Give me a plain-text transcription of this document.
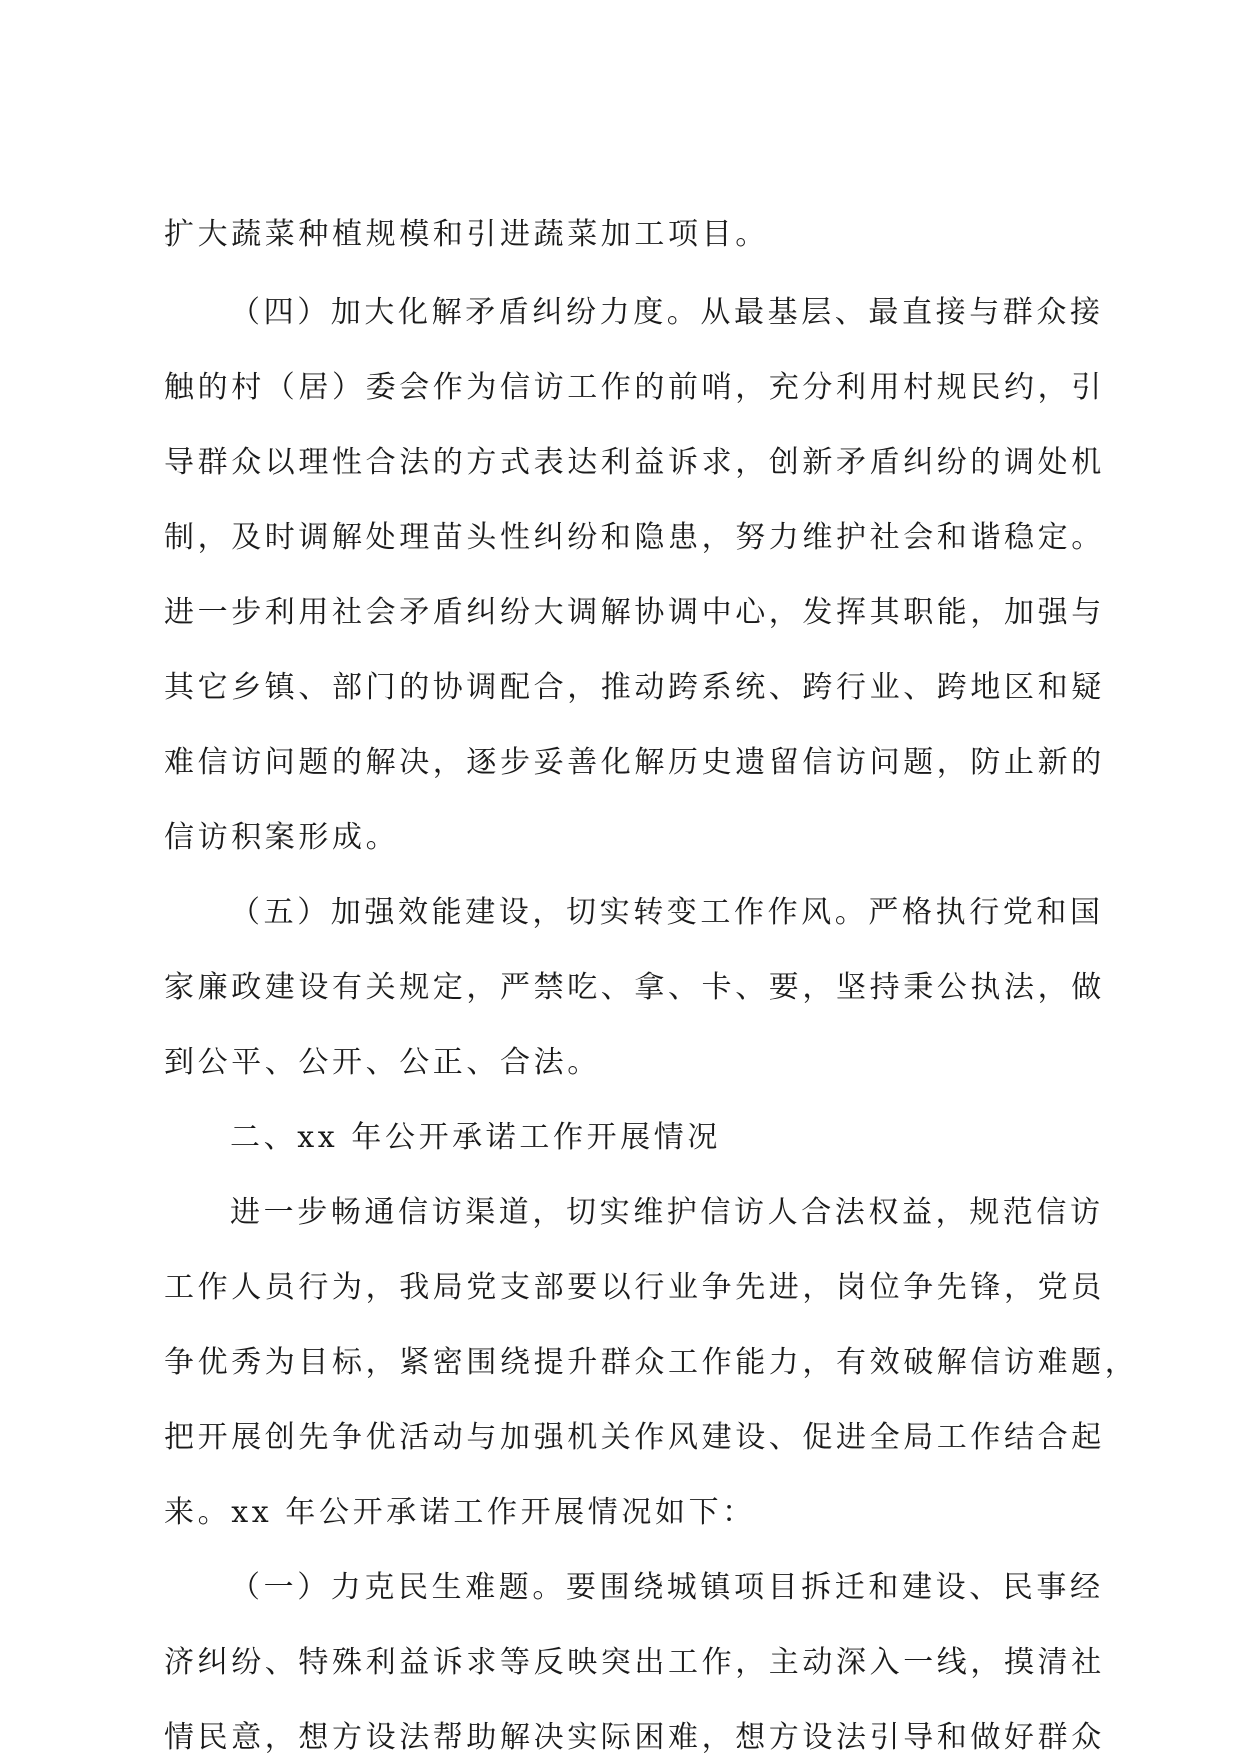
扩大蔬菜种植规模和引进蔬菜加工项目。
（四）加大化解矛盾纠纷力度。从最基层、最直接与群众接
触的村（居）委会作为信访工作的前哨，充分利用村规民约，引
导群众以理性合法的方式表达利益诉求，创新矛盾纠纷的调处机
制，及时调解处理苗头性纠纷和隐患，努力维护社会和谐稳定。
进一步利用社会矛盾纠纷大调解协调中心，发挥其职能，加强与
其它乡镇、部门的协调配合，推动跨系统、跨行业、跨地区和疑
难信访问题的解决，逐步妥善化解历史遗留信访问题，防止新的
信访积案形成。
（五）加强效能建设，切实转变工作作风。严格执行党和国
家廉政建设有关规定，严禁吃、拿、卡、要，坚持秉公执法，做
到公平、公开、公正、合法。
二、xx 年公开承诺工作开展情况
进一步畅通信访渠道，切实维护信访人合法权益，规范信访
工作人员行为，我局党支部要以行业争先进，岗位争先锋，党员
争优秀为目标，紧密围绕提升群众工作能力，有效破解信访难题，
把开展创先争优活动与加强机关作风建设、促进全局工作结合起
来。xx 年公开承诺工作开展情况如下：
（一）力克民生难题。要围绕城镇项目拆迁和建设、民事经
济纠纷、特殊利益诉求等反映突出工作，主动深入一线，摸清社
情民意，想方设法帮助解决实际困难，想方设法引导和做好群众
